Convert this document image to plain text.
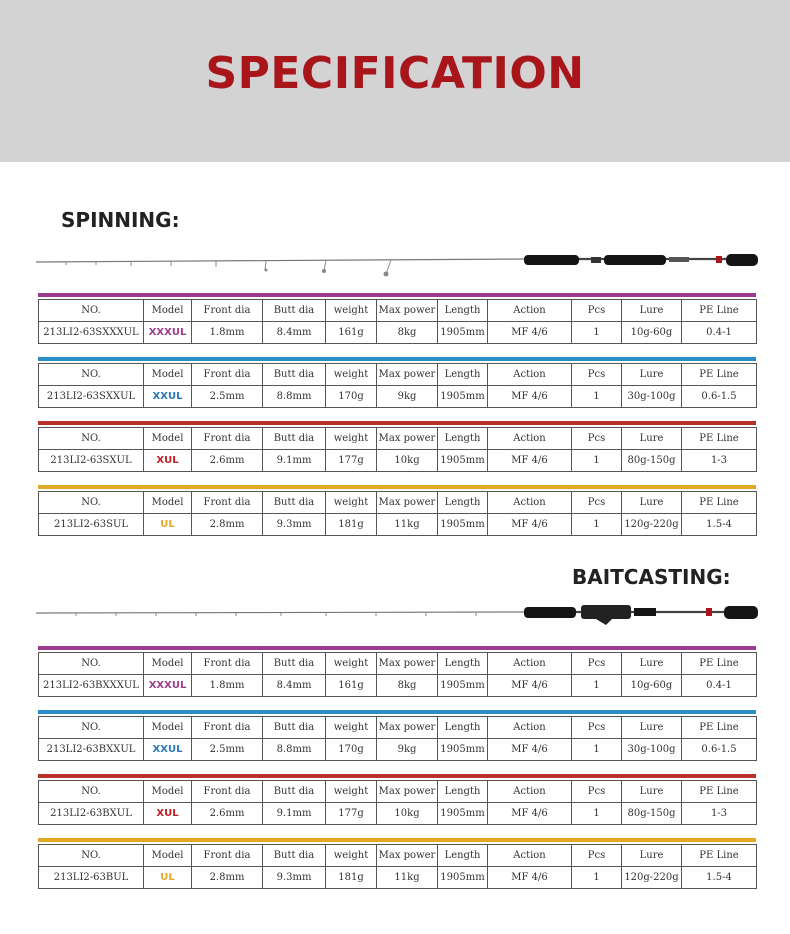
SPECIFICATION
SPINNING:
NO.	Model	Front dia	Butt dia	weight	Max power	Length	Action	Pcs	Lure	PE Line
213LI2-63SXXXUL	XXXUL	1.8mm	8.4mm	161g	8kg	1905mm	MF 4/6	1	10g-60g	0.4-1
NO.	Model	Front dia	Butt dia	weight	Max power	Length	Action	Pcs	Lure	PE Line
213LI2-63SXXUL	XXUL	2.5mm	8.8mm	170g	9kg	1905mm	MF 4/6	1	30g-100g	0.6-1.5
NO.	Model	Front dia	Butt dia	weight	Max power	Length	Action	Pcs	Lure	PE Line
213LI2-63SXUL	XUL	2.6mm	9.1mm	177g	10kg	1905mm	MF 4/6	1	80g-150g	1-3
NO.	Model	Front dia	Butt dia	weight	Max power	Length	Action	Pcs	Lure	PE Line
213LI2-63SUL	UL	2.8mm	9.3mm	181g	11kg	1905mm	MF 4/6	1	120g-220g	1.5-4
BAITCASTING:
NO.	Model	Front dia	Butt dia	weight	Max power	Length	Action	Pcs	Lure	PE Line
213LI2-63BXXXUL	XXXUL	1.8mm	8.4mm	161g	8kg	1905mm	MF 4/6	1	10g-60g	0.4-1
NO.	Model	Front dia	Butt dia	weight	Max power	Length	Action	Pcs	Lure	PE Line
213LI2-63BXXUL	XXUL	2.5mm	8.8mm	170g	9kg	1905mm	MF 4/6	1	30g-100g	0.6-1.5
NO.	Model	Front dia	Butt dia	weight	Max power	Length	Action	Pcs	Lure	PE Line
213LI2-63BXUL	XUL	2.6mm	9.1mm	177g	10kg	1905mm	MF 4/6	1	80g-150g	1-3
NO.	Model	Front dia	Butt dia	weight	Max power	Length	Action	Pcs	Lure	PE Line
213LI2-63BUL	UL	2.8mm	9.3mm	181g	11kg	1905mm	MF 4/6	1	120g-220g	1.5-4
